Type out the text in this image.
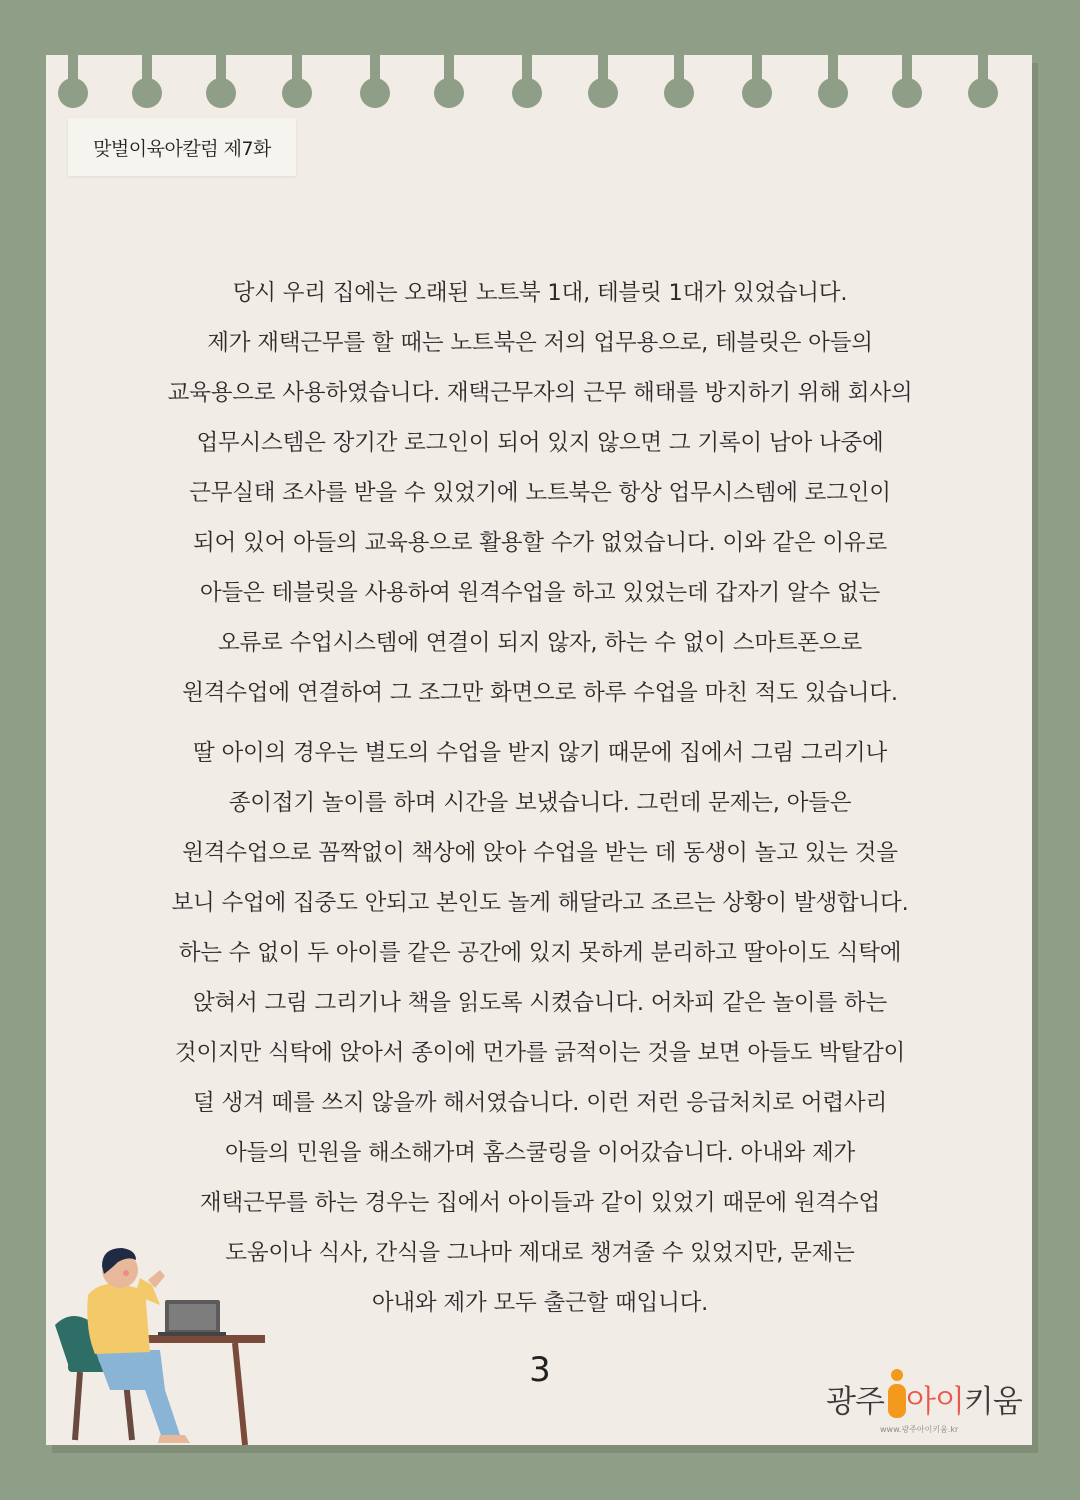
맞벌이육아칼럼 제7화
당시 우리 집에는 오래된 노트북 1대, 테블릿 1대가 있었습니다.
제가 재택근무를 할 때는 노트북은 저의 업무용으로, 테블릿은 아들의
교육용으로 사용하였습니다. 재택근무자의 근무 해태를 방지하기 위해 회사의
업무시스템은 장기간 로그인이 되어 있지 않으면 그 기록이 남아 나중에
근무실태 조사를 받을 수 있었기에 노트북은 항상 업무시스템에 로그인이
되어 있어 아들의 교육용으로 활용할 수가 없었습니다. 이와 같은 이유로
아들은 테블릿을 사용하여 원격수업을 하고 있었는데 갑자기 알수 없는
오류로 수업시스템에 연결이 되지 않자, 하는 수 없이 스마트폰으로
원격수업에 연결하여 그 조그만 화면으로 하루 수업을 마친 적도 있습니다.
딸 아이의 경우는 별도의 수업을 받지 않기 때문에 집에서 그림 그리기나
종이접기 놀이를 하며 시간을 보냈습니다. 그런데 문제는, 아들은
원격수업으로 꼼짝없이 책상에 앉아 수업을 받는 데 동생이 놀고 있는 것을
보니 수업에 집중도 안되고 본인도 놀게 해달라고 조르는 상황이 발생합니다.
하는 수 없이 두 아이를 같은 공간에 있지 못하게 분리하고 딸아이도 식탁에
앉혀서 그림 그리기나 책을 읽도록 시켰습니다. 어차피 같은 놀이를 하는
것이지만 식탁에 앉아서 종이에 먼가를 긁적이는 것을 보면 아들도 박탈감이
덜 생겨 떼를 쓰지 않을까 해서였습니다. 이런 저런 응급처치로 어렵사리
아들의 민원을 해소해가며 홈스쿨링을 이어갔습니다. 아내와 제가
재택근무를 하는 경우는 집에서 아이들과 같이 있었기 때문에 원격수업
도움이나 식사, 간식을 그나마 제대로 챙겨줄 수 있었지만, 문제는
아내와 제가 모두 출근할 때입니다.
3
광주 아이키움
www.광주아이키움.kr
